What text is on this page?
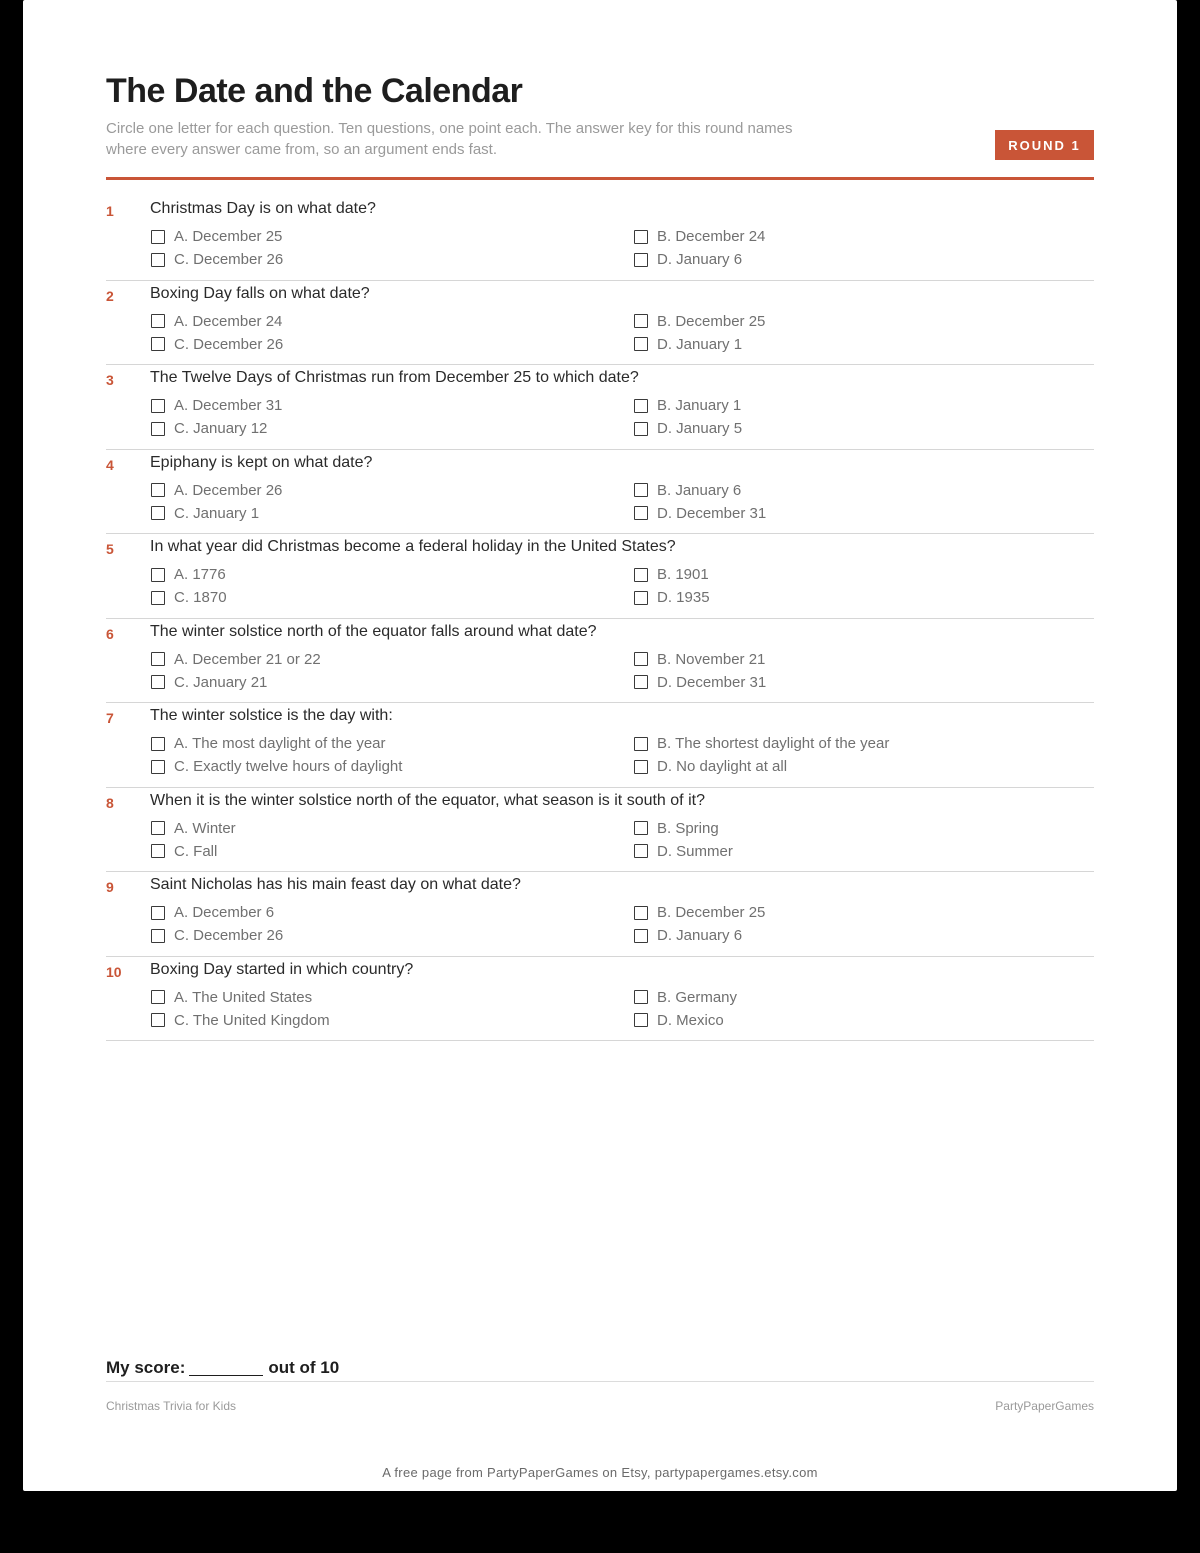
The Date and the Calendar

Circle one letter for each question. Ten questions, one point each. The answer key for this round names where every answer came from, so an argument ends fast.	ROUND 1
1 Christmas Day is on what date?
A. December 25	B. December 24
C. December 26	D. January 6
2 Boxing Day falls on what date?
A. December 24	B. December 25
C. December 26	D. January 1
3 The Twelve Days of Christmas run from December 25 to which date?
A. December 31	B. January 1
C. January 12	D. January 5
4 Epiphany is kept on what date?
A. December 26	B. January 6
C. January 1	D. December 31
5 In what year did Christmas become a federal holiday in the United States?
A. 1776	B. 1901
C. 1870	D. 1935
6 The winter solstice north of the equator falls around what date?
A. December 21 or 22	B. November 21
C. January 21	D. December 31
7 The winter solstice is the day with:
A. The most daylight of the year	B. The shortest daylight of the year
C. Exactly twelve hours of daylight	D. No daylight at all
8 When it is the winter solstice north of the equator, what season is it south of it?
A. Winter	B. Spring
C. Fall	D. Summer
9 Saint Nicholas has his main feast day on what date?
A. December 6	B. December 25
C. December 26	D. January 6
10 Boxing Day started in which country?
A. The United States	B. Germany
C. The United Kingdom	D. Mexico
My score:	out of 10
Christmas Trivia for Kids	PartyPaperGames
A free page from PartyPaperGames on Etsy, partypapergames.etsy.com
